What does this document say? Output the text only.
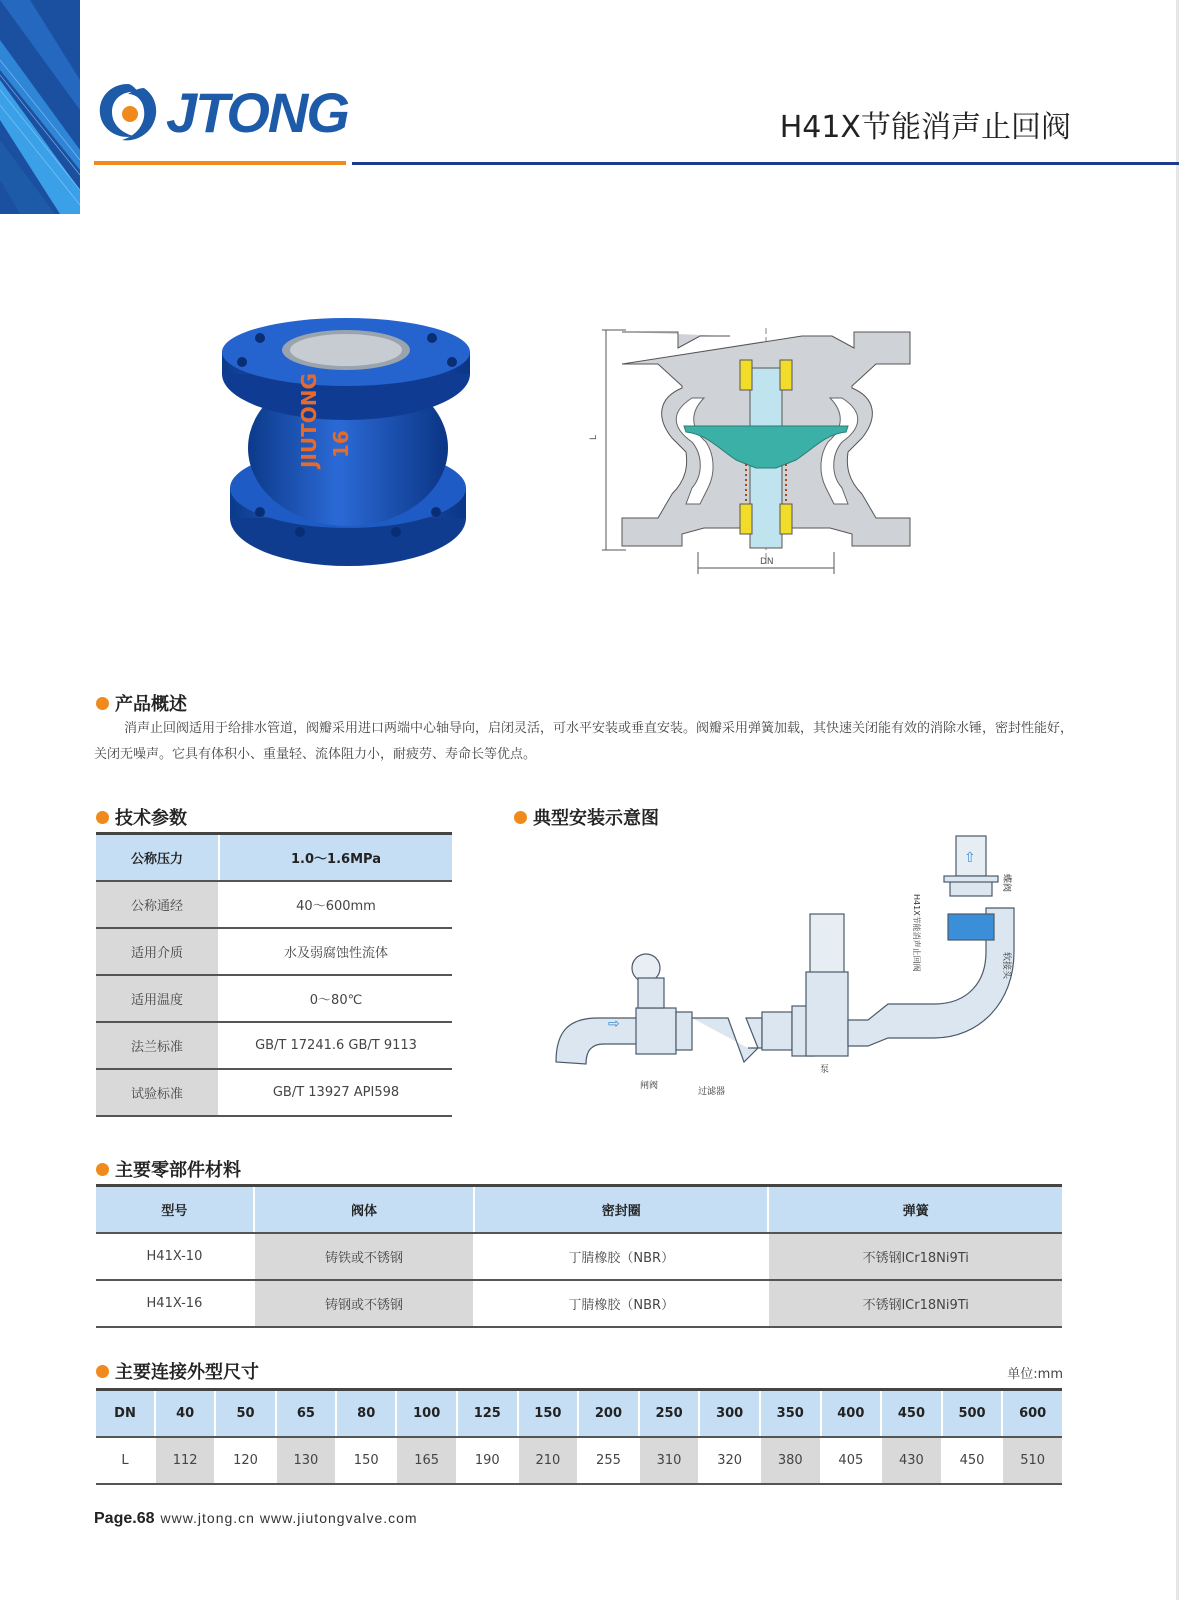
JTONG	H41X节能消声止回阀
JIUTONG 16	L
DN
产品概述
消声止回阀适用于给排水管道，阀瓣采用进口两端中心轴导向，启闭灵活，可水平安装或垂直安装。阀瓣采用弹簧加载，其快速关闭能有效的消除水锤，密封性能好，关闭无噪声。它具有体积小、重量轻、流体阻力小，耐疲劳、寿命长等优点。
技术参数
公称压力	1.0～1.6MPa
公称通经	40～600mm
适用介质	水及弱腐蚀性流体
适用温度	0～80℃
法兰标准	GB/T 17241.6 GB/T 9113
试验标准	GB/T 13927 API598
典型安装示意图
⇨
⇧
闸阀
过滤器
泵
H41X节能消声止回阀
蝶阀
软接头
主要零部件材料
型号	阀体	密封圈	弹簧
H41X-10	铸铁或不锈钢	丁腈橡胶（NBR）	不锈钢lCr18Ni9Ti
H41X-16	铸钢或不锈钢	丁腈橡胶（NBR）	不锈钢lCr18Ni9Ti
主要连接外型尺寸	单位:mm
DN	40	50	65	80	100	125	150	200	250	300	350	400	450	500	600
L	112	120	130	150	165	190	210	255	310	320	380	405	430	450	510
Page.68 www.jtong.cn www.jiutongvalve.com
